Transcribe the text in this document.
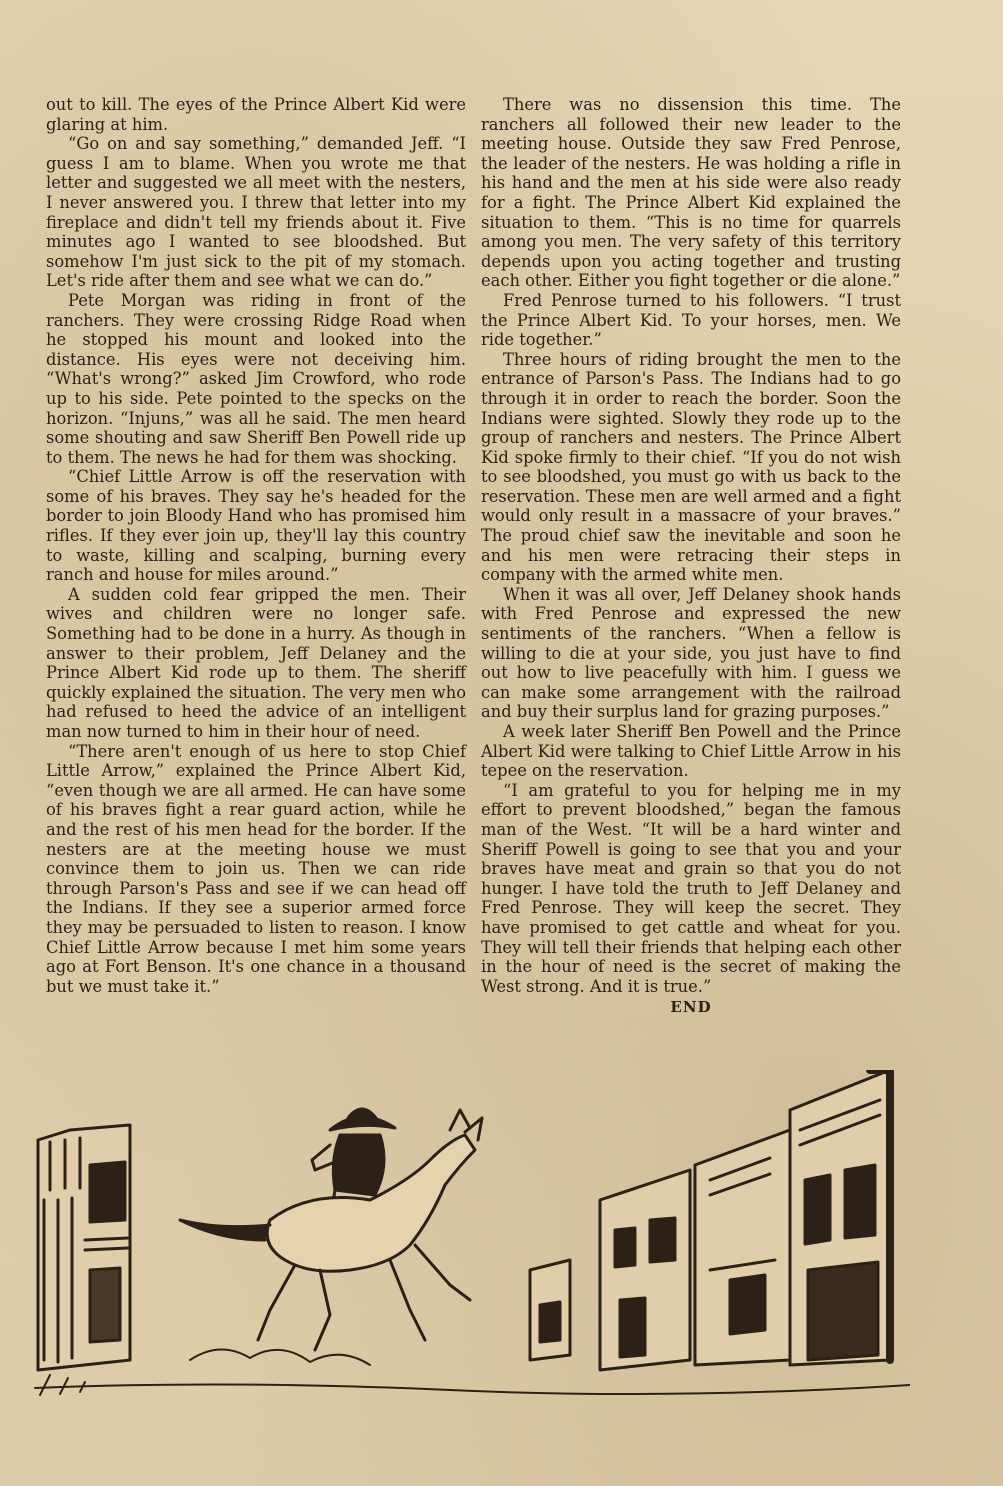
out to kill. The eyes of the Prince Albert Kid were glaring at him.

“Go on and say something,” demanded Jeff. “I guess I am to blame. When you wrote me that letter and suggested we all meet with the nesters, I never answered you. I threw that letter into my fireplace and didn't tell my friends about it. Five minutes ago I wanted to see bloodshed. But somehow I'm just sick to the pit of my stomach. Let's ride after them and see what we can do.”

Pete Morgan was riding in front of the ranchers. They were crossing Ridge Road when he stopped his mount and looked into the distance. His eyes were not deceiving him. “What's wrong?” asked Jim Crowford, who rode up to his side. Pete pointed to the specks on the horizon. “Injuns,” was all he said. The men heard some shouting and saw Sheriff Ben Powell ride up to them. The news he had for them was shocking.

“Chief Little Arrow is off the reservation with some of his braves. They say he's headed for the border to join Bloody Hand who has promised him rifles. If they ever join up, they'll lay this country to waste, killing and scalping, burning every ranch and house for miles around.”

A sudden cold fear gripped the men. Their wives and children were no longer safe. Something had to be done in a hurry. As though in answer to their problem, Jeff Delaney and the Prince Albert Kid rode up to them. The sheriff quickly explained the situation. The very men who had refused to heed the advice of an intelligent man now turned to him in their hour of need.

“There aren't enough of us here to stop Chief Little Arrow,” explained the Prince Albert Kid, “even though we are all armed. He can have some of his braves fight a rear guard action, while he and the rest of his men head for the border. If the nesters are at the meeting house we must convince them to join us. Then we can ride through Parson's Pass and see if we can head off the Indians. If they see a superior armed force they may be persuaded to listen to reason. I know Chief Little Arrow because I met him some years ago at Fort Benson. It's one chance in a thousand but we must take it.”

There was no dissension this time. The ranchers all followed their new leader to the meeting house. Outside they saw Fred Penrose, the leader of the nesters. He was holding a rifle in his hand and the men at his side were also ready for a fight. The Prince Albert Kid explained the situation to them. “This is no time for quarrels among you men. The very safety of this territory depends upon you acting together and trusting each other. Either you fight together or die alone.”

Fred Penrose turned to his followers. “I trust the Prince Albert Kid. To your horses, men. We ride together.”

Three hours of riding brought the men to the entrance of Parson's Pass. The Indians had to go through it in order to reach the border. Soon the Indians were sighted. Slowly they rode up to the group of ranchers and nesters. The Prince Albert Kid spoke firmly to their chief. “If you do not wish to see bloodshed, you must go with us back to the reservation. These men are well armed and a fight would only result in a massacre of your braves.” The proud chief saw the inevitable and soon he and his men were retracing their steps in company with the armed white men.

When it was all over, Jeff Delaney shook hands with Fred Penrose and expressed the new sentiments of the ranchers. “When a fellow is willing to die at your side, you just have to find out how to live peacefully with him. I guess we can make some arrangement with the railroad and buy their surplus land for grazing purposes.”

A week later Sheriff Ben Powell and the Prince Albert Kid were talking to Chief Little Arrow in his tepee on the reservation.

“I am grateful to you for helping me in my effort to prevent bloodshed,” began the famous man of the West. “It will be a hard winter and Sheriff Powell is going to see that you and your braves have meat and grain so that you do not hunger. I have told the truth to Jeff Delaney and Fred Penrose. They will keep the secret. They have promised to get cattle and wheat for you. They will tell their friends that helping each other in the hour of need is the secret of making the West strong. And it is true.”

END
